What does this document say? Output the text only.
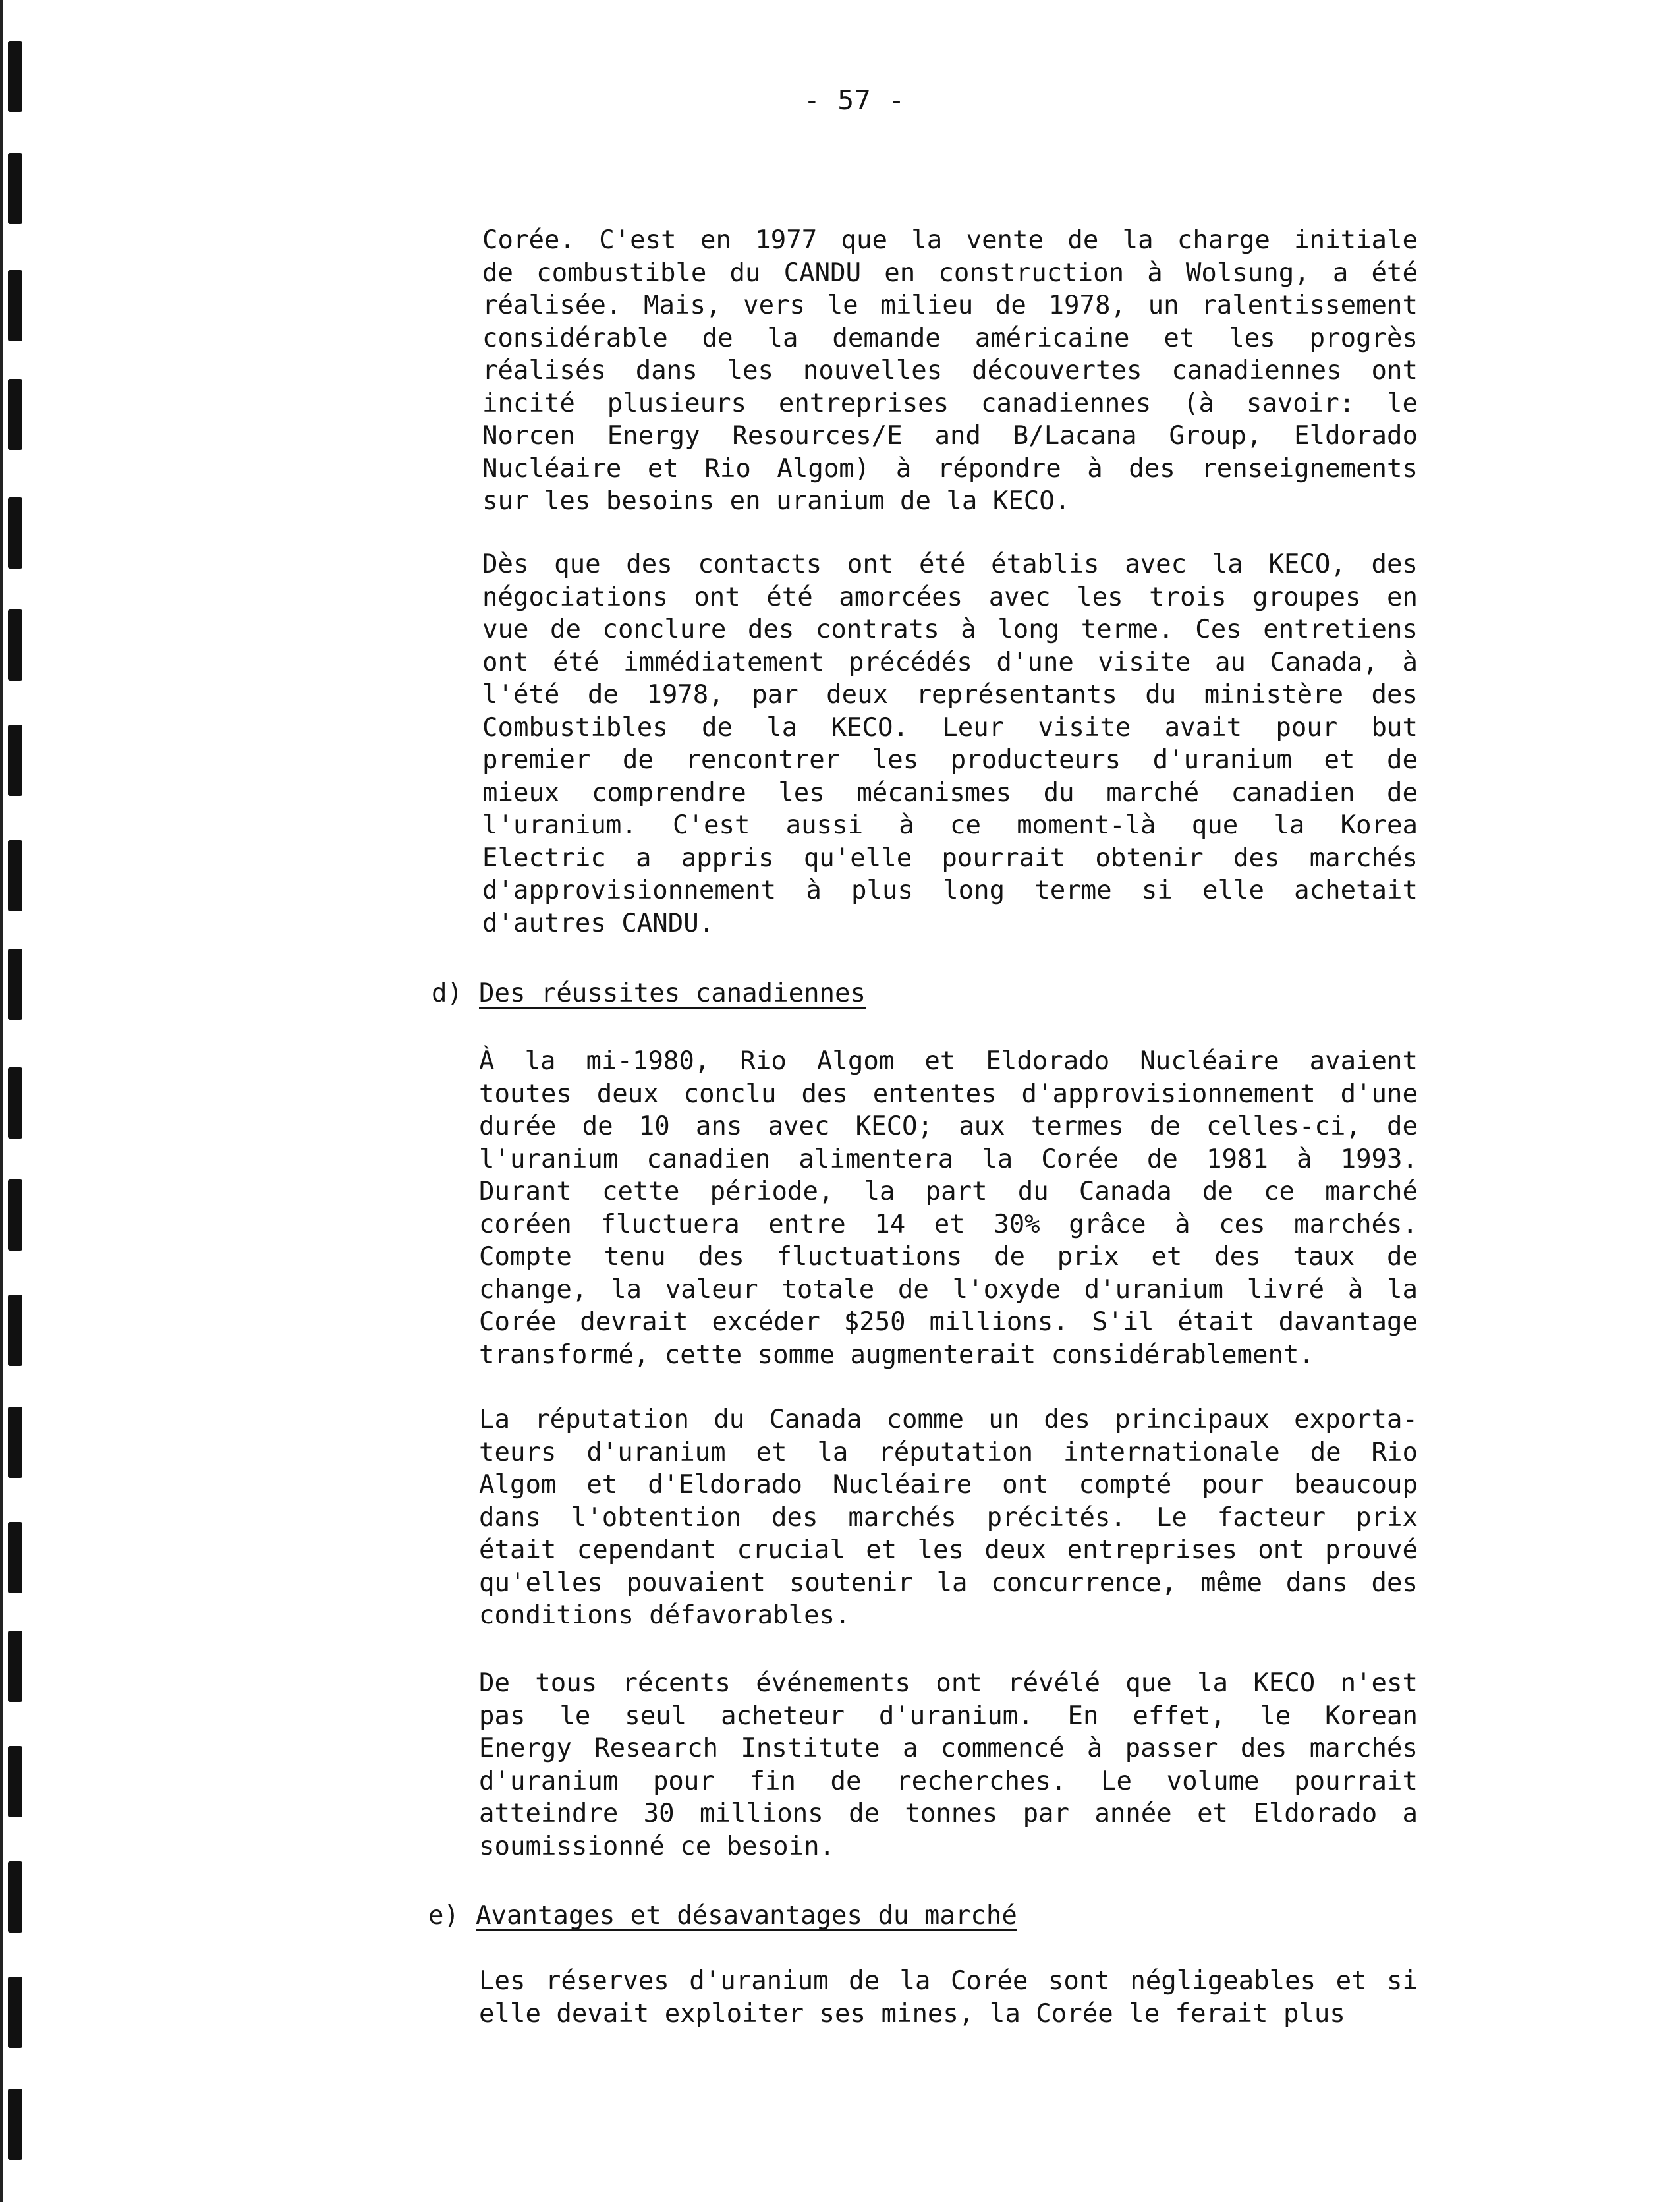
- 57 -
Corée. C'est en 1977 que la vente de la charge initiale
de combustible du CANDU en construction à Wolsung, a été
réalisée. Mais, vers le milieu de 1978, un ralentissement
considérable de la demande américaine et les progrès
réalisés dans les nouvelles découvertes canadiennes ont
incité plusieurs entreprises canadiennes (à savoir: le
Norcen Energy Resources/E and B/Lacana Group, Eldorado
Nucléaire et Rio Algom) à répondre à des renseignements
sur les besoins en uranium de la KECO.
Dès que des contacts ont été établis avec la KECO, des
négociations ont été amorcées avec les trois groupes en
vue de conclure des contrats à long terme. Ces entretiens
ont été immédiatement précédés d'une visite au Canada, à
l'été de 1978, par deux représentants du ministère des
Combustibles de la KECO. Leur visite avait pour but
premier de rencontrer les producteurs d'uranium et de
mieux comprendre les mécanismes du marché canadien de
l'uranium. C'est aussi à ce moment-là que la Korea
Electric a appris qu'elle pourrait obtenir des marchés
d'approvisionnement à plus long terme si elle achetait
d'autres CANDU.
d) Des réussites canadiennes
À la mi-1980, Rio Algom et Eldorado Nucléaire avaient
toutes deux conclu des ententes d'approvisionnement d'une
durée de 10 ans avec KECO; aux termes de celles-ci, de
l'uranium canadien alimentera la Corée de 1981 à 1993.
Durant cette période, la part du Canada de ce marché
coréen fluctuera entre 14 et 30% grâce à ces marchés.
Compte tenu des fluctuations de prix et des taux de
change, la valeur totale de l'oxyde d'uranium livré à la
Corée devrait excéder $250 millions. S'il était davantage
transformé, cette somme augmenterait considérablement.
La réputation du Canada comme un des principaux exporta-
teurs d'uranium et la réputation internationale de Rio
Algom et d'Eldorado Nucléaire ont compté pour beaucoup
dans l'obtention des marchés précités. Le facteur prix
était cependant crucial et les deux entreprises ont prouvé
qu'elles pouvaient soutenir la concurrence, même dans des
conditions défavorables.
De tous récents événements ont révélé que la KECO n'est
pas le seul acheteur d'uranium. En effet, le Korean
Energy Research Institute a commencé à passer des marchés
d'uranium pour fin de recherches. Le volume pourrait
atteindre 30 millions de tonnes par année et Eldorado a
soumissionné ce besoin.
e) Avantages et désavantages du marché
Les réserves d'uranium de la Corée sont négligeables et si
elle devait exploiter ses mines, la Corée le ferait plus
